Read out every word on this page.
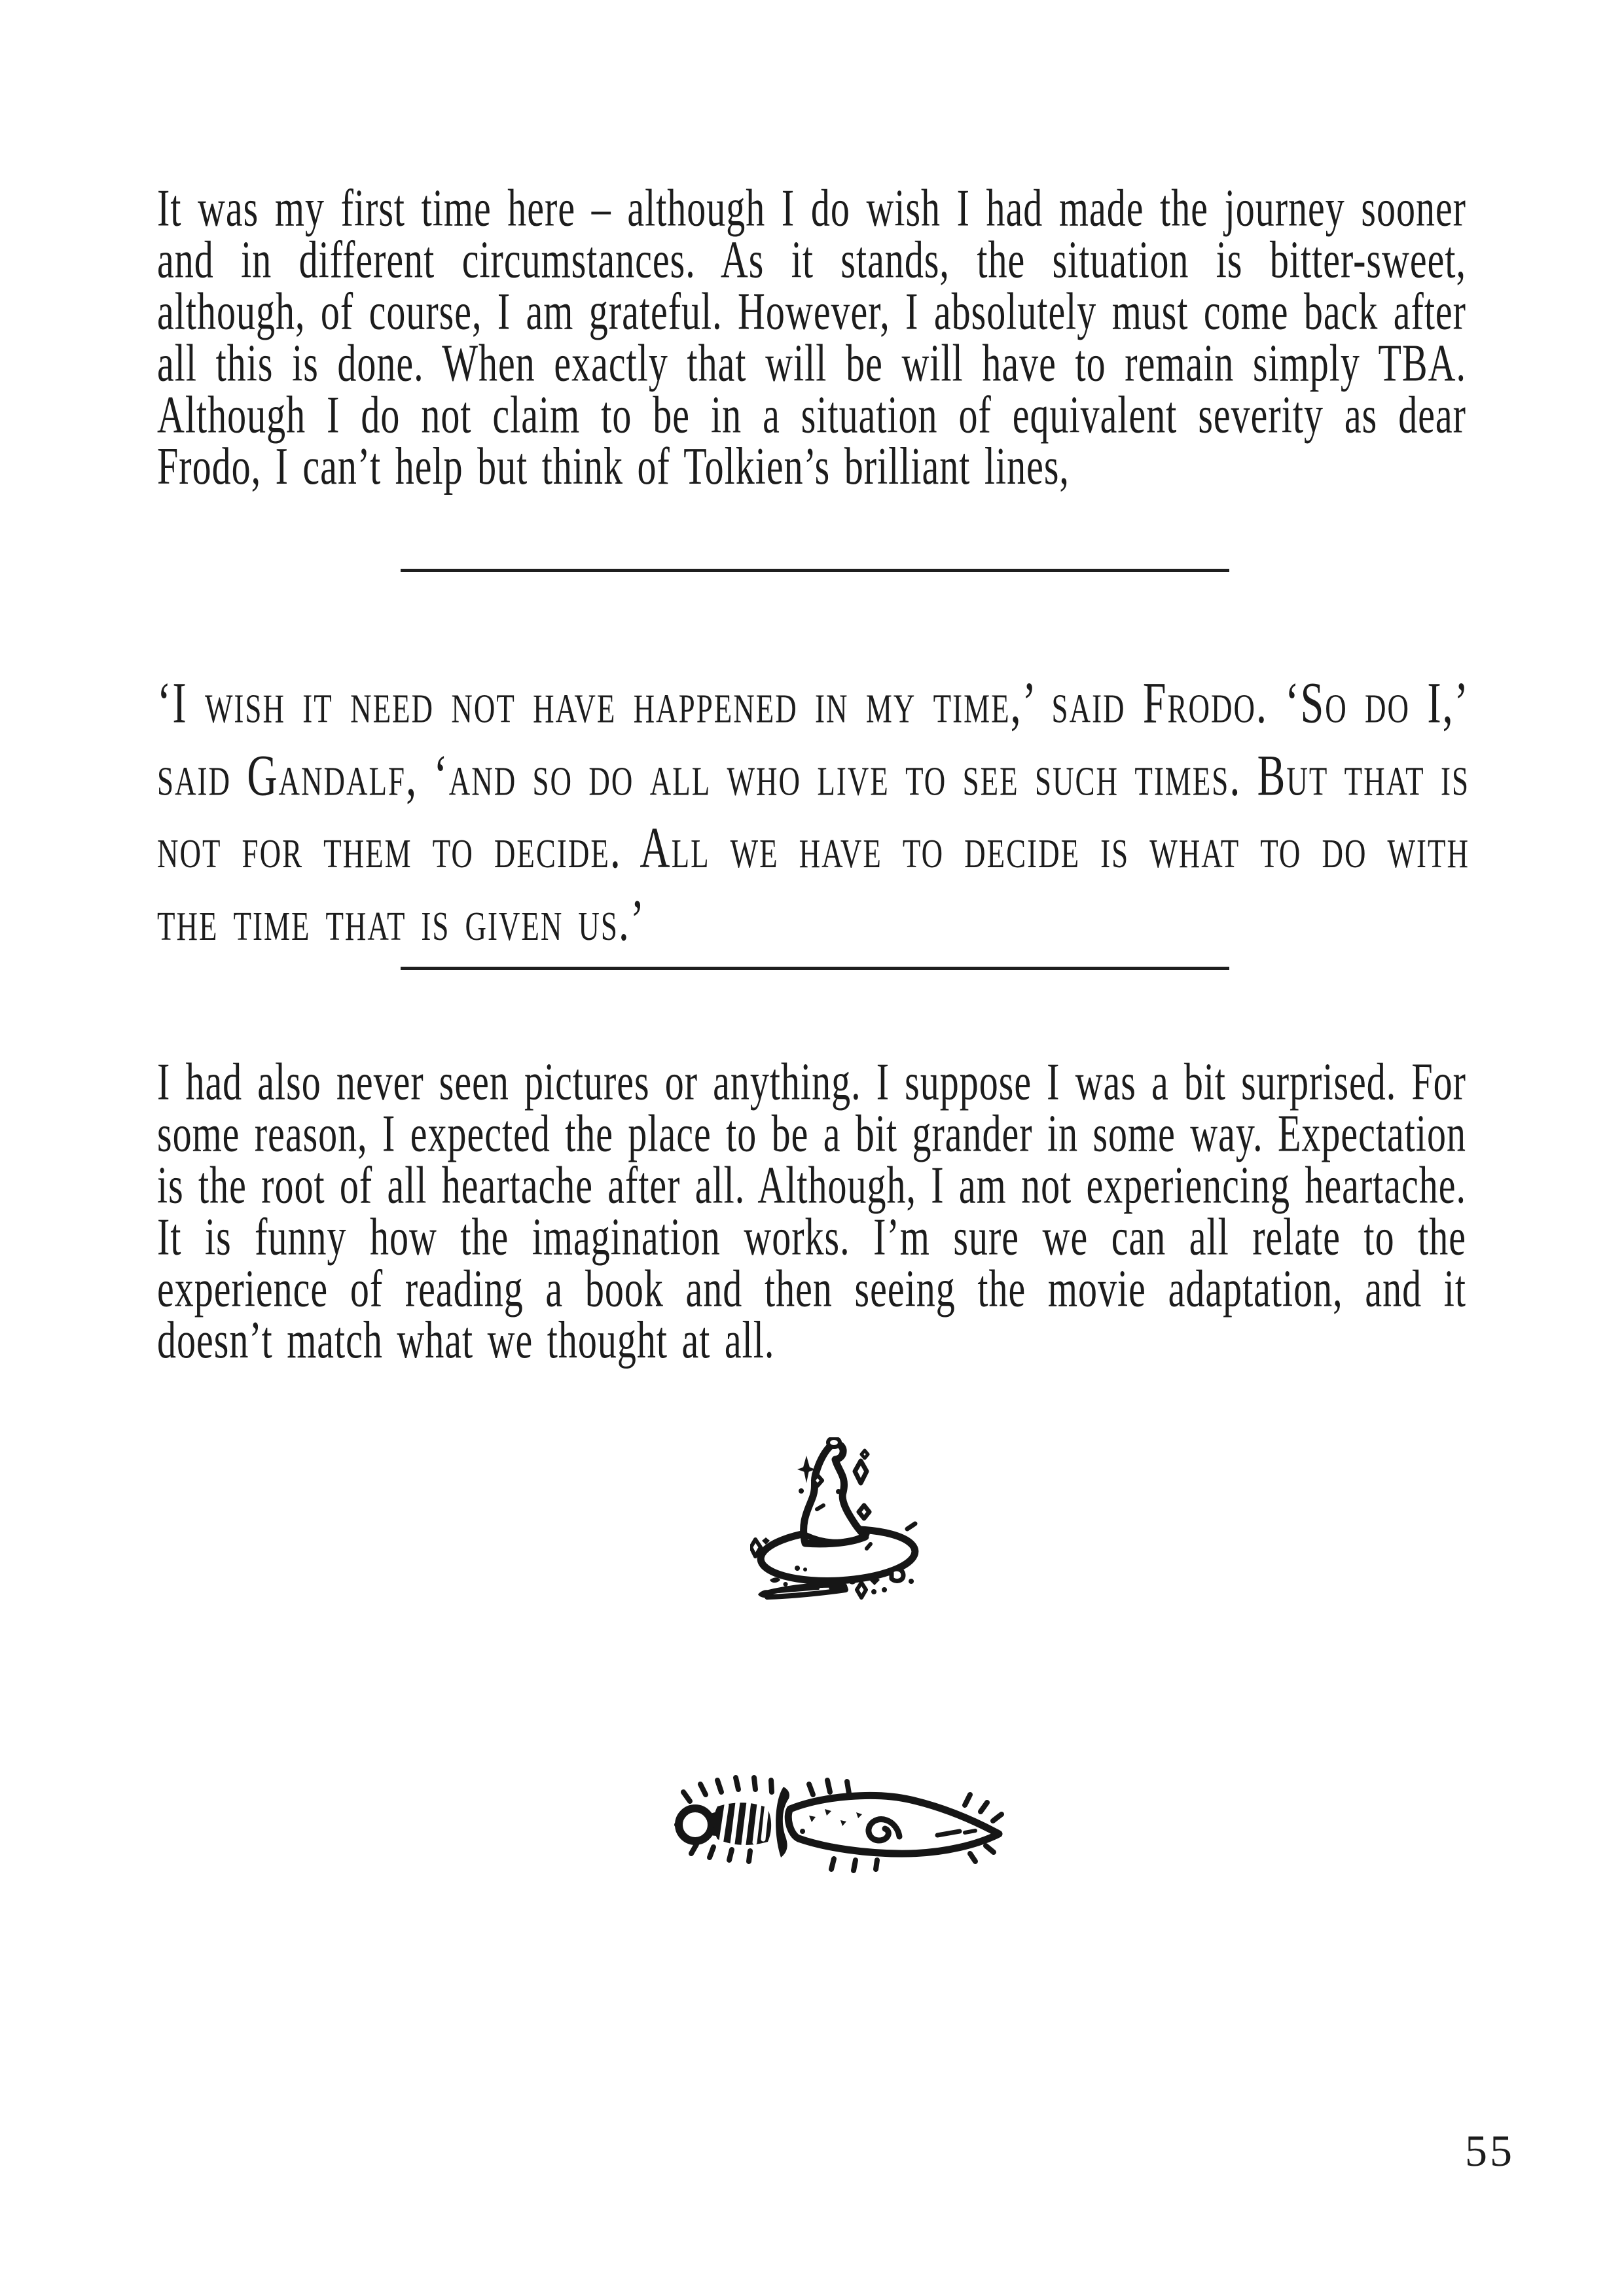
It was my first time here – although I do wish I had made the journey sooner and in different circumstances. As it stands, the situation is bitter-sweet, although, of course, I am grateful. However, I absolutely must come back after all this is done. When exactly that will be will have to remain simply TBA. Although I do not claim to be in a situation of equivalent severity as dear Frodo, I can’t help but think of Tolkien’s brilliant lines,

‘I wish it need not have happened in my time,’ said Frodo. ‘So do I,’ said Gandalf, ‘and so do all who live to see such times. But that is not for them to decide. All we have to decide is what to do with the time that is given us.’

I had also never seen pictures or anything. I suppose I was a bit surprised. For some reason, I expected the place to be a bit grander in some way. Expectation is the root of all heartache after all. Although, I am not experiencing heartache. It is funny how the imagination works. I’m sure we can all relate to the experience of reading a book and then seeing the movie adaptation, and it doesn’t match what we thought at all.

55
